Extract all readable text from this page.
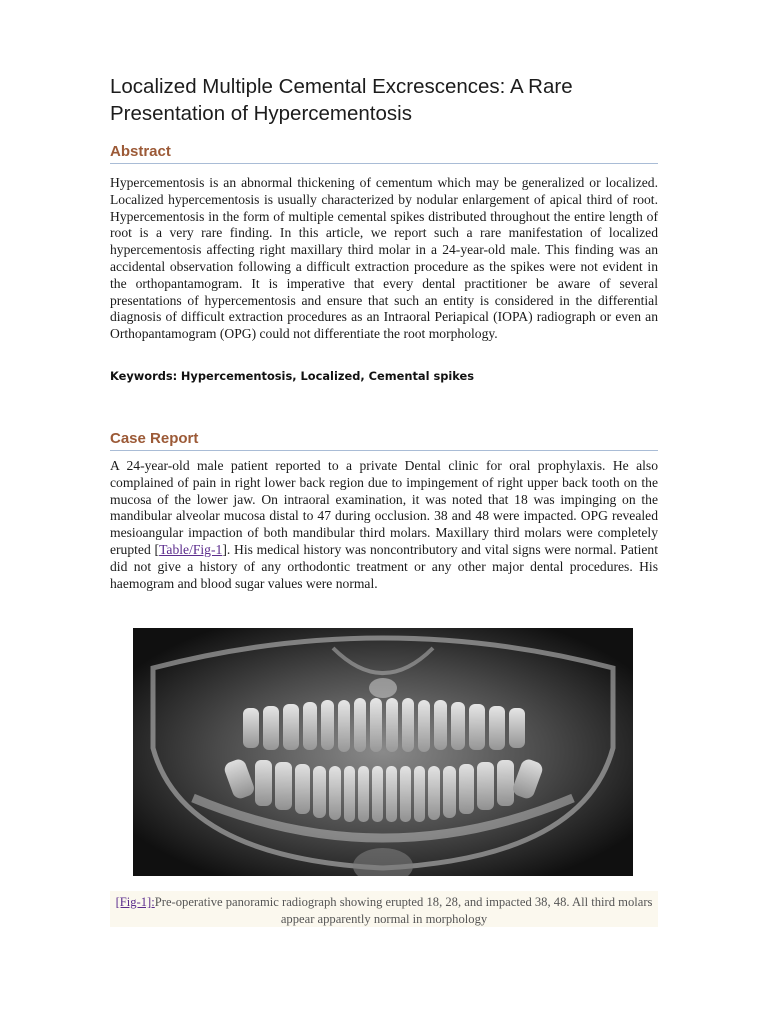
Localized Multiple Cemental Excrescences: A Rare Presentation of Hypercementosis
Abstract

Hypercementosis is an abnormal thickening of cementum which may be generalized or localized. Localized hypercementosis is usually characterized by nodular enlargement of apical third of root. Hypercementosis in the form of multiple cemental spikes distributed throughout the entire length of root is a very rare finding. In this article, we report such a rare manifestation of localized hypercementosis affecting right maxillary third molar in a 24-year-old male. This finding was an accidental observation following a difficult extraction procedure as the spikes were not evident in the orthopantamogram. It is imperative that every dental practitioner be aware of several presentations of hypercementosis and ensure that such an entity is considered in the differential diagnosis of difficult extraction procedures as an Intraoral Periapical (IOPA) radiograph or even an Orthopantamogram (OPG) could not differentiate the root morphology.

Keywords: Hypercementosis, Localized, Cemental spikes
Case Report

A 24-year-old male patient reported to a private Dental clinic for oral prophylaxis. He also complained of pain in right lower back region due to impingement of right upper back tooth on the mucosa of the lower jaw. On intraoral examination, it was noted that 18 was impinging on the mandibular alveolar mucosa distal to 47 during occlusion. 38 and 48 were impacted. OPG revealed mesioangular impaction of both mandibular third molars. Maxillary third molars were completely erupted [Table/Fig-1]. His medical history was noncontributory and vital signs were normal. Patient did not give a history of any orthodontic treatment or any other major dental procedures. His haemogram and blood sugar values were normal.

[Fig-1]:Pre-operative panoramic radiograph showing erupted 18, 28, and impacted 38, 48. All third molars appear apparently normal in morphology
